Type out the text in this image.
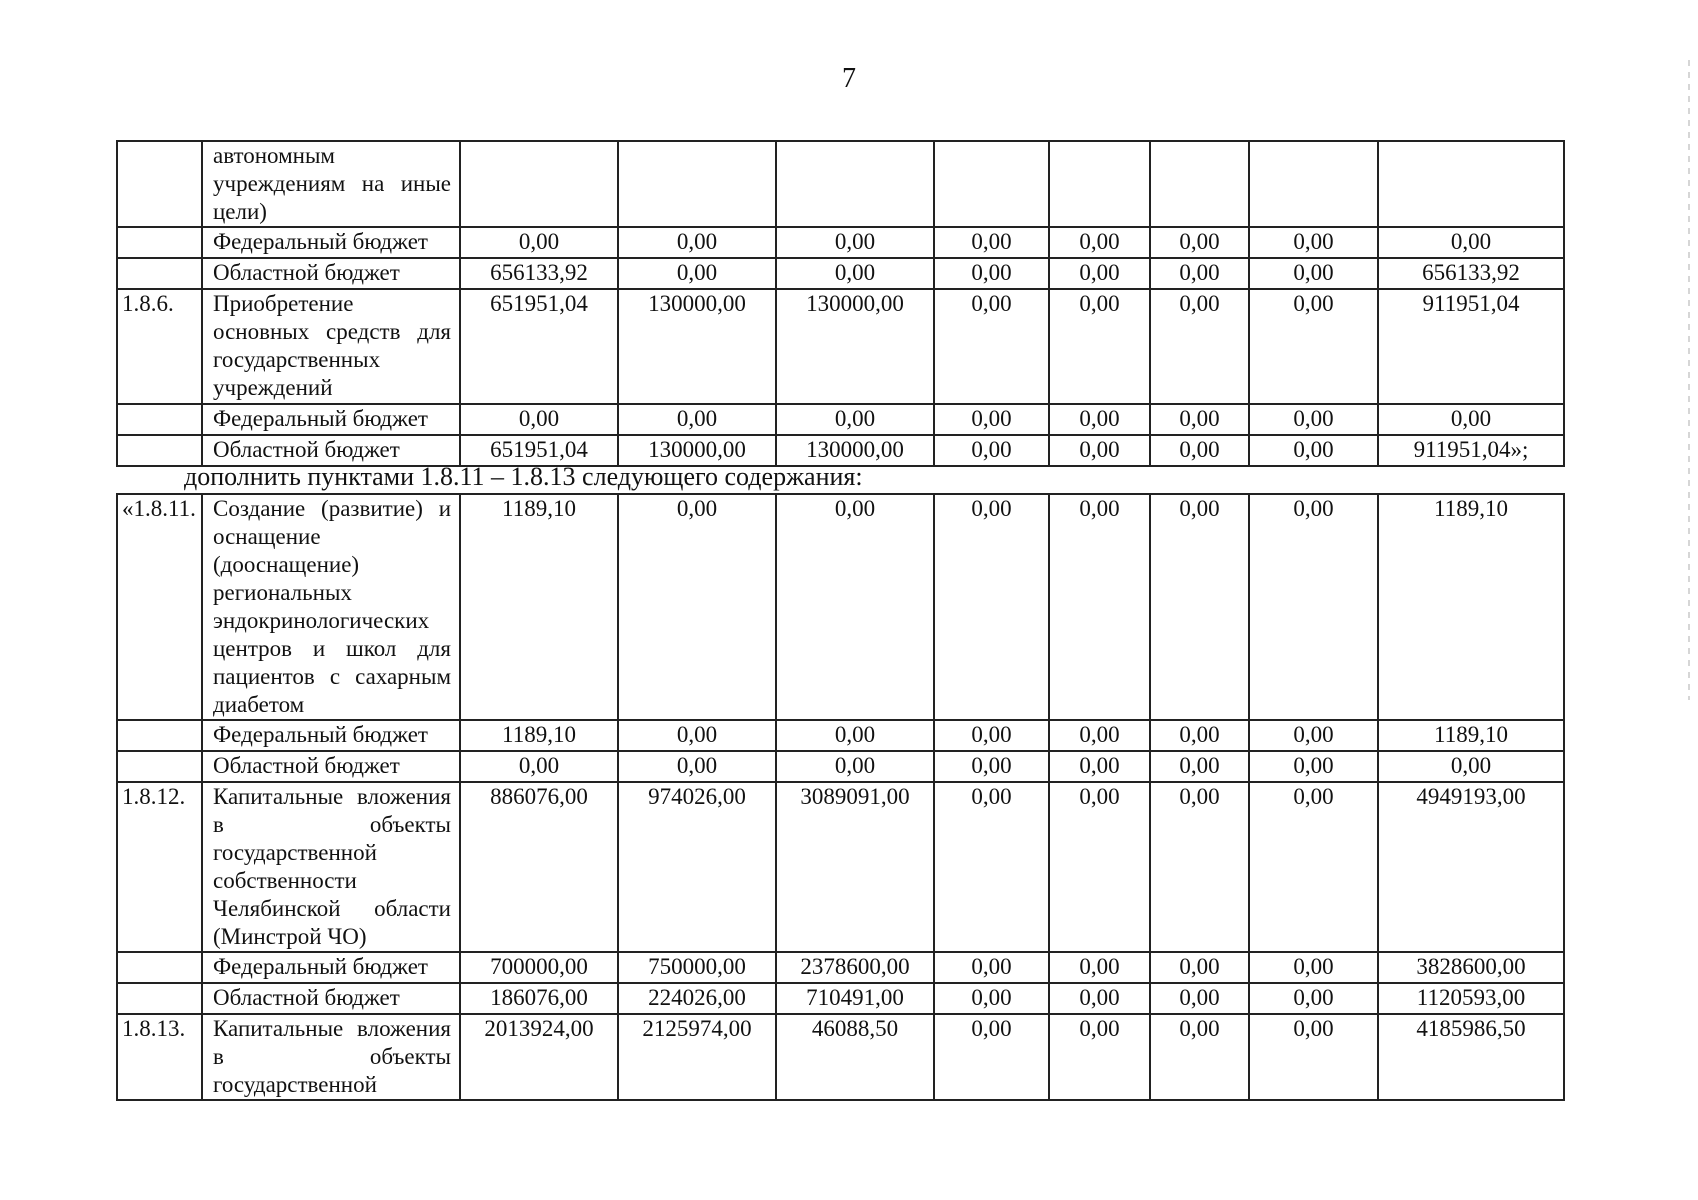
7
	автономным учреждениям на иные цели)								
	Федеральный бюджет	0,00	0,00	0,00	0,00	0,00	0,00	0,00	0,00
	Областной бюджет	656133,92	0,00	0,00	0,00	0,00	0,00	0,00	656133,92
1.8.6.	Приобретение основных средств для государственных учреждений	651951,04	130000,00	130000,00	0,00	0,00	0,00	0,00	911951,04
	Федеральный бюджет	0,00	0,00	0,00	0,00	0,00	0,00	0,00	0,00
	Областной бюджет	651951,04	130000,00	130000,00	0,00	0,00	0,00	0,00	911951,04»;
дополнить пунктами 1.8.11 – 1.8.13 следующего содержания:
«1.8.11.	Создание (развитие) и оснащение (дооснащение) региональных эндокринологических центров и школ для пациентов с сахарным диабетом	1189,10	0,00	0,00	0,00	0,00	0,00	0,00	1189,10
	Федеральный бюджет	1189,10	0,00	0,00	0,00	0,00	0,00	0,00	1189,10
	Областной бюджет	0,00	0,00	0,00	0,00	0,00	0,00	0,00	0,00
1.8.12.	Капитальные вложения в объекты государственной собственности Челябинской области (Минстрой ЧО)	886076,00	974026,00	3089091,00	0,00	0,00	0,00	0,00	4949193,00
	Федеральный бюджет	700000,00	750000,00	2378600,00	0,00	0,00	0,00	0,00	3828600,00
	Областной бюджет	186076,00	224026,00	710491,00	0,00	0,00	0,00	0,00	1120593,00
1.8.13.	Капитальные вложения в объекты государственной	2013924,00	2125974,00	46088,50	0,00	0,00	0,00	0,00	4185986,50
